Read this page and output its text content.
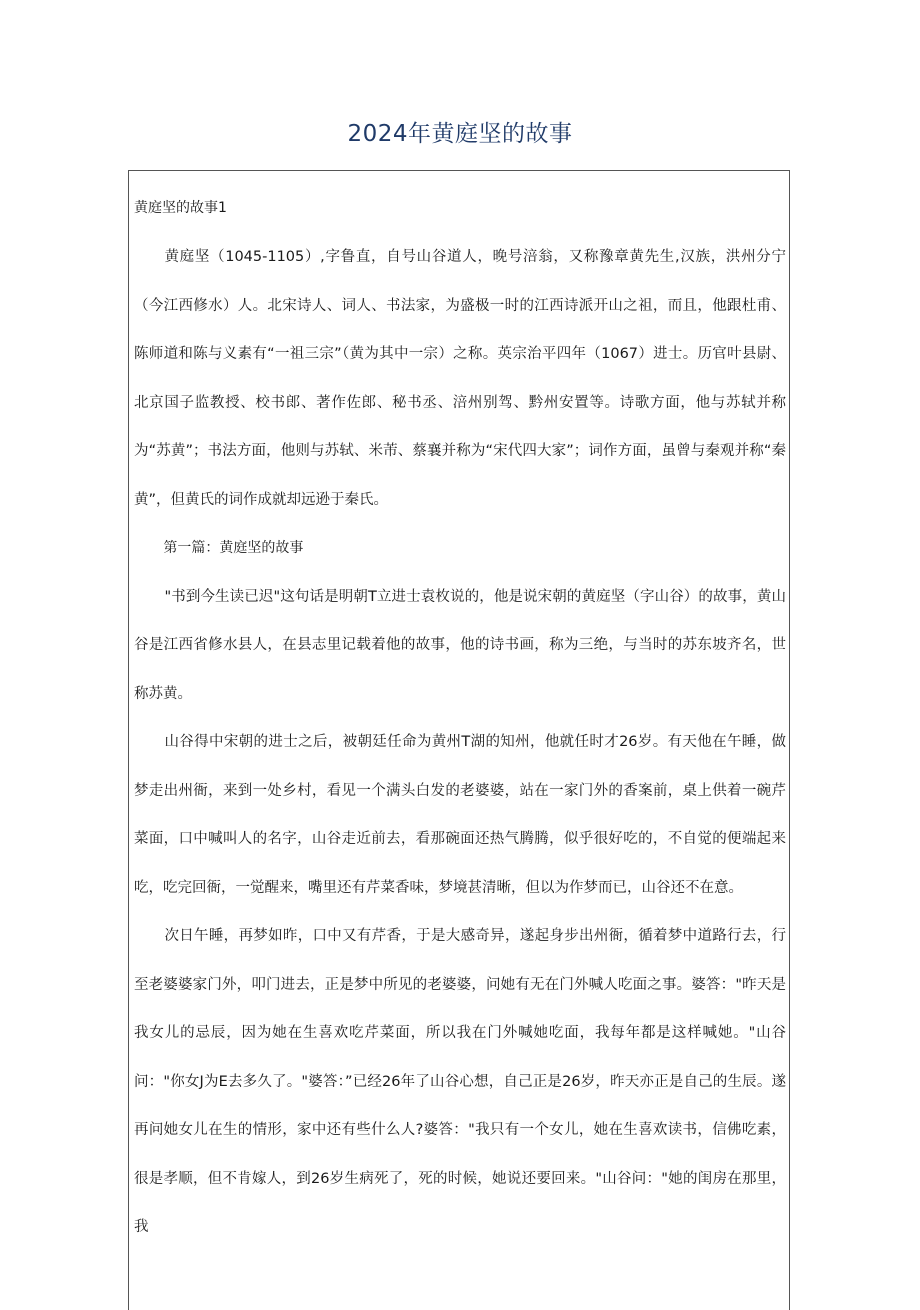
2024年黄庭坚的故事

黄庭坚的故事1

黄庭坚（1045-1105）,字鲁直，自号山谷道人，晚号涪翁，又称豫章黄先生,汉族，洪州分宁（今江西修水）人。北宋诗人、词人、书法家，为盛极一时的江西诗派开山之祖，而且，他跟杜甫、陈师道和陈与义素有“一祖三宗”（黄为其中一宗）之称。英宗治平四年（1067）进士。历官叶县尉、北京国子监教授、校书郎、著作佐郎、秘书丞、涪州别驾、黔州安置等。诗歌方面，他与苏轼并称为“苏黄”；书法方面，他则与苏轼、米芾、蔡襄并称为“宋代四大家”；词作方面，虽曾与秦观并称“秦黄”，但黄氏的词作成就却远逊于秦氏。

第一篇：黄庭坚的故事

"书到今生读已迟"这句话是明朝T立进士袁枚说的，他是说宋朝的黄庭坚（字山谷）的故事，黄山谷是江西省修水县人，在县志里记载着他的故事，他的诗书画，称为三绝，与当时的苏东坡齐名，世称苏黄。

山谷得中宋朝的进士之后，被朝廷任命为黄州T湖的知州，他就任时才26岁。有天他在午睡，做梦走出州衙，来到一处乡村，看见一个满头白发的老婆婆，站在一家门外的香案前，桌上供着一碗芹菜面，口中喊叫人的名字，山谷走近前去，看那碗面还热气腾腾，似乎很好吃的，不自觉的便端起来吃，吃完回衙，一觉醒来，嘴里还有芹菜香味，梦境甚清晰，但以为作梦而已，山谷还不在意。

次日午睡，再梦如昨，口中又有芹香，于是大感奇异，遂起身步出州衙，循着梦中道路行去，行至老婆婆家门外，叩门进去，正是梦中所见的老婆婆，问她有无在门外喊人吃面之事。婆答："昨天是我女儿的忌辰，因为她在生喜欢吃芹菜面，所以我在门外喊她吃面，我每年都是这样喊她。"山谷问："你女J为E去多久了。"婆答：”已经26年了山谷心想，自己正是26岁，昨天亦正是自己的生辰。遂再问她女儿在生的情形，家中还有些什么人?婆答："我只有一个女儿，她在生喜欢读书，信佛吃素，很是孝顺，但不肯嫁人，到26岁生病死了，死的时候，她说还要回来。"山谷问："她的闺房在那里，我
